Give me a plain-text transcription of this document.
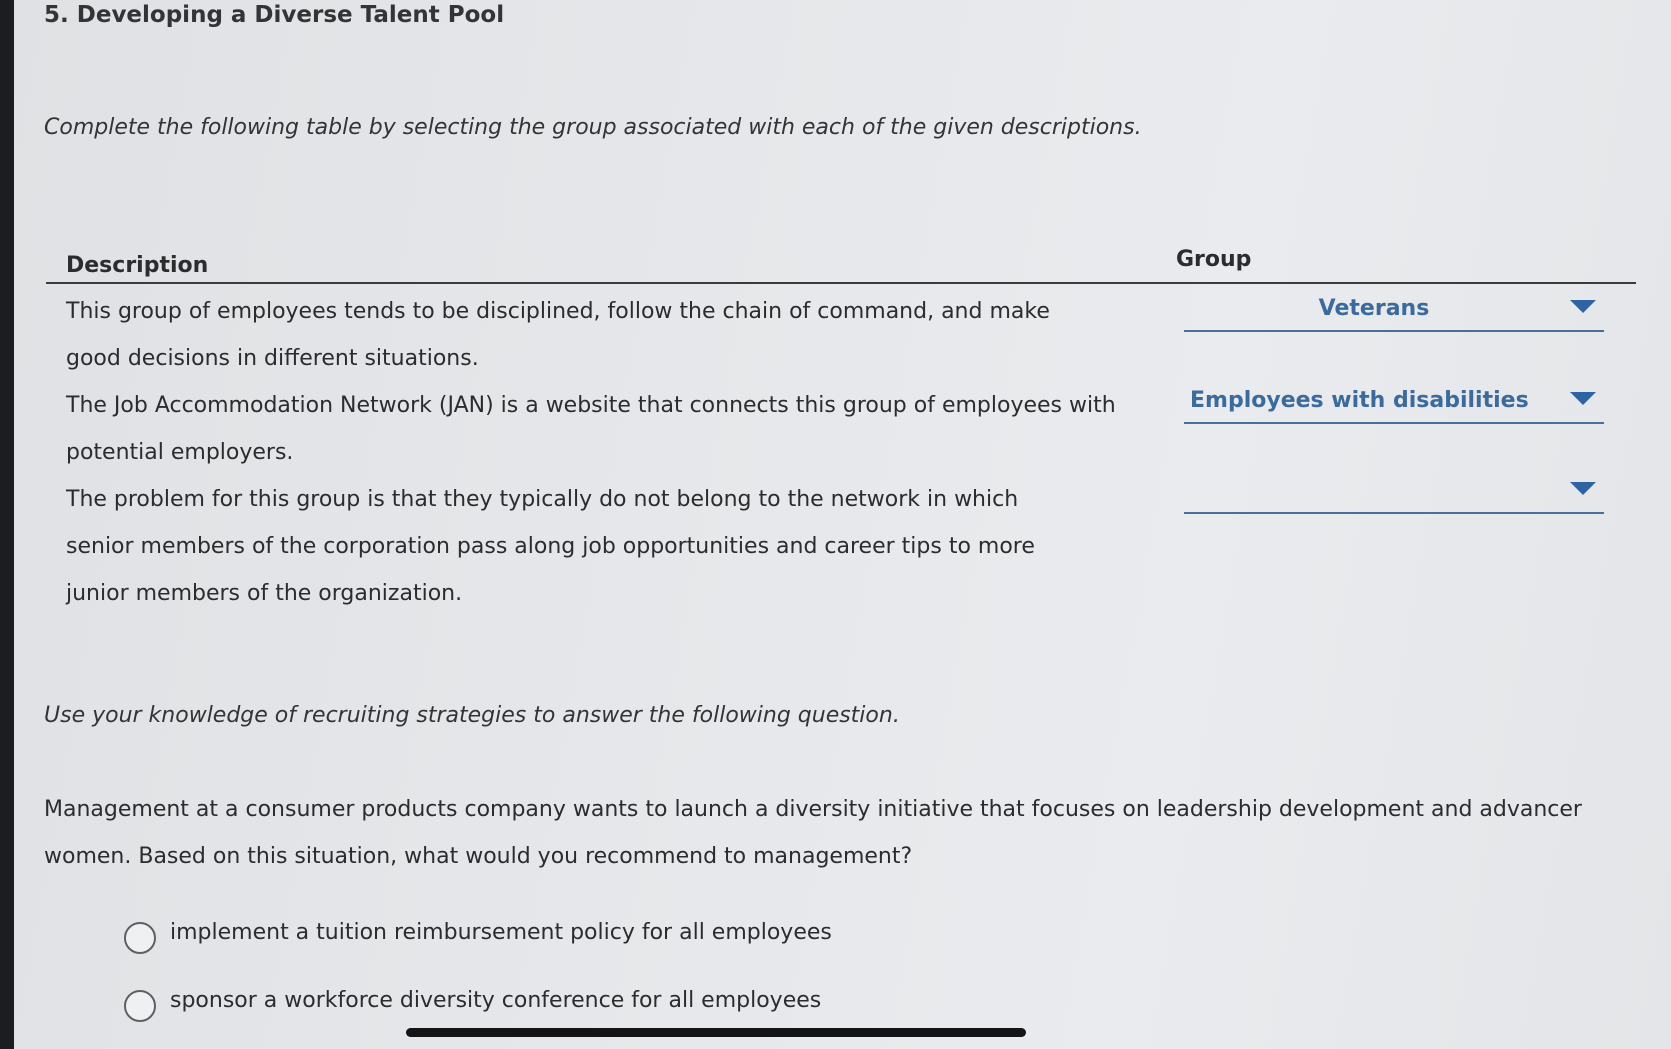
5. Developing a Diverse Talent Pool
Complete the following table by selecting the group associated with each of the given descriptions.
Description	Group
This group of employees tends to be disciplined, follow the chain of command, and make good decisions in different situations.
Veterans
The Job Accommodation Network (JAN) is a website that connects this group of employees with potential employers.
Employees with disabilities
The problem for this group is that they typically do not belong to the network in which senior members of the corporation pass along job opportunities and career tips to more junior members of the organization.
Use your knowledge of recruiting strategies to answer the following question.
Management at a consumer products company wants to launch a diversity initiative that focuses on leadership development and advancer
women. Based on this situation, what would you recommend to management?
implement a tuition reimbursement policy for all employees
sponsor a workforce diversity conference for all employees
